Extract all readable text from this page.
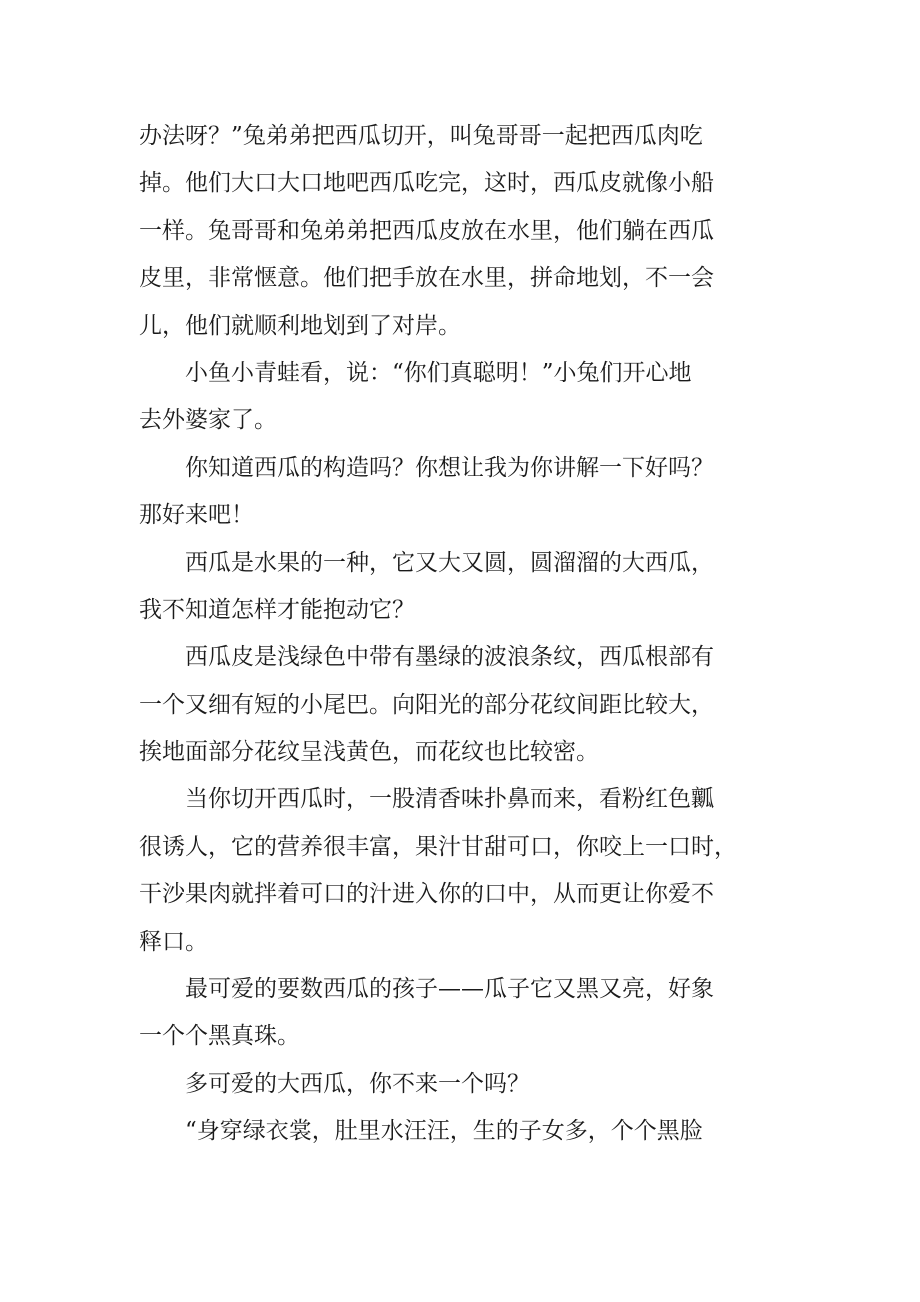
办法呀？”兔弟弟把西瓜切开，叫兔哥哥一起把西瓜肉吃
掉。他们大口大口地吧西瓜吃完，这时，西瓜皮就像小船
一样。兔哥哥和兔弟弟把西瓜皮放在水里，他们躺在西瓜
皮里，非常惬意。他们把手放在水里，拼命地划，不一会
儿，他们就顺利地划到了对岸。
　　小鱼小青蛙看，说：“你们真聪明！”小兔们开心地
去外婆家了。
　　你知道西瓜的构造吗？你想让我为你讲解一下好吗？
那好来吧！
　　西瓜是水果的一种，它又大又圆，圆溜溜的大西瓜，
我不知道怎样才能抱动它？
　　西瓜皮是浅绿色中带有墨绿的波浪条纹，西瓜根部有
一个又细有短的小尾巴。向阳光的部分花纹间距比较大，
挨地面部分花纹呈浅黄色，而花纹也比较密。
　　当你切开西瓜时，一股清香味扑鼻而来，看粉红色瓤
很诱人，它的营养很丰富，果汁甘甜可口，你咬上一口时，
干沙果肉就拌着可口的汁进入你的口中，从而更让你爱不
释口。
　　最可爱的要数西瓜的孩子——瓜子它又黑又亮，好象
一个个黑真珠。
　　多可爱的大西瓜，你不来一个吗？
　　“身穿绿衣裳，肚里水汪汪，生的子女多，个个黑脸
